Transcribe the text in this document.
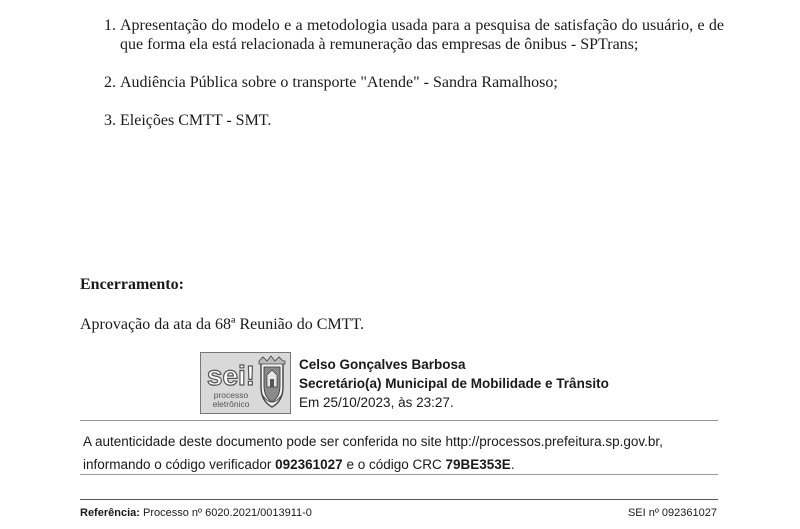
1. Apresentação do modelo e a metodologia usada para a pesquisa de satisfação do usuário, e de que forma ela está relacionada à remuneração das empresas de ônibus - SPTrans;
2. Audiência Pública sobre o transporte "Atende" - Sandra Ramalhoso;
3. Eleições CMTT - SMT.

Encerramento:

Aprovação da ata da 68ª Reunião do CMTT.

sei!
processo
eletrônico
Celso Gonçalves Barbosa
Secretário(a) Municipal de Mobilidade e Trânsito
Em 25/10/2023, às 23:27.
A autenticidade deste documento pode ser conferida no site http://processos.prefeitura.sp.gov.br,
informando o código verificador 092361027 e o código CRC 79BE353E.
Referência: Processo nº 6020.2021/0013911-0	SEI nº 092361027
